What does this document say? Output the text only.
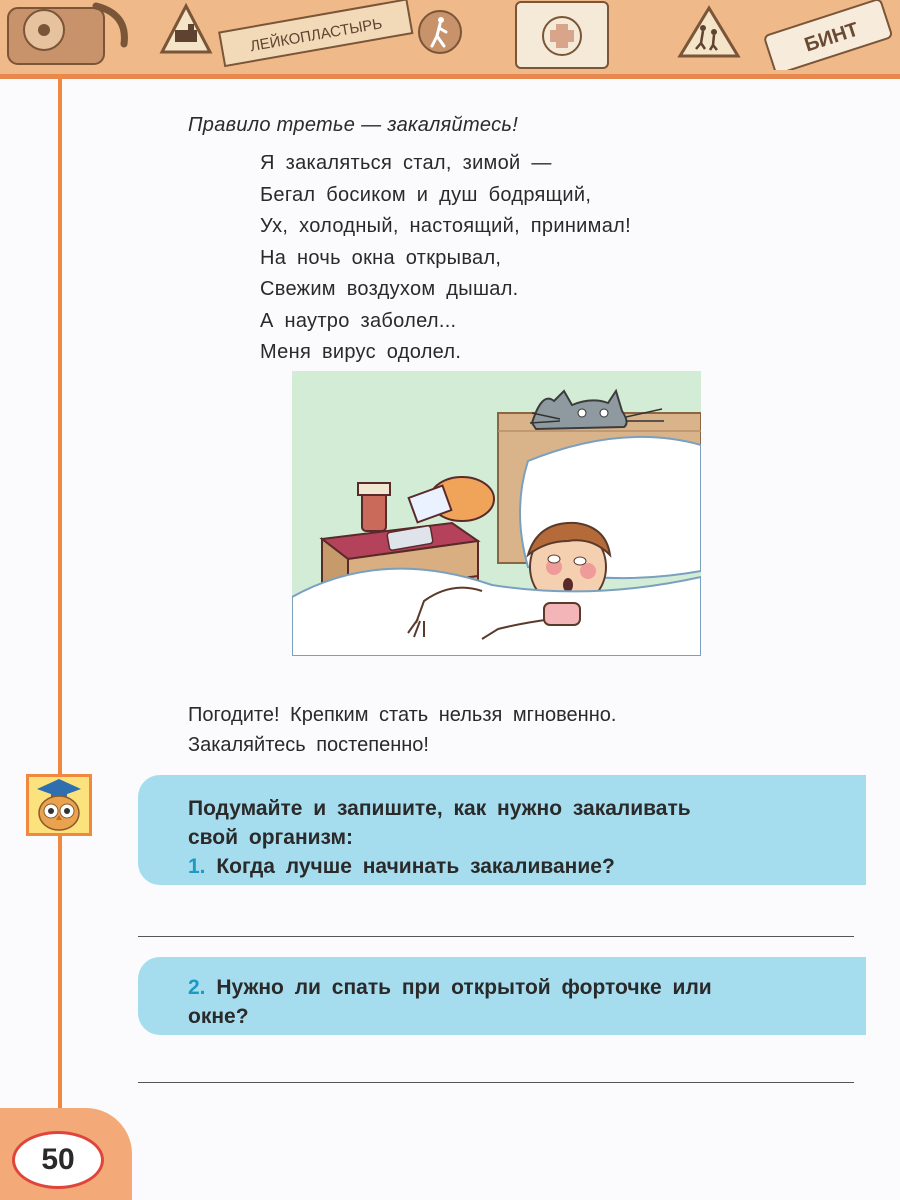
ЛЕЙКОПЛАСТЫРЬ	БИНТ
Правило третье — закаляйтесь!
Я закаляться стал, зимой —
Бегал босиком и душ бодрящий,
Ух, холодный, настоящий, принимал!
На ночь окна открывал,
Свежим воздухом дышал.
А наутро заболел...
Меня вирус одолел.
Погодите! Крепким стать нельзя мгновенно.
Закаляйтесь постепенно!
Подумайте и запишите, как нужно закаливать
свой организм:
1. Когда лучше начинать закаливание?
2. Нужно ли спать при открытой форточке или
окне?
50
